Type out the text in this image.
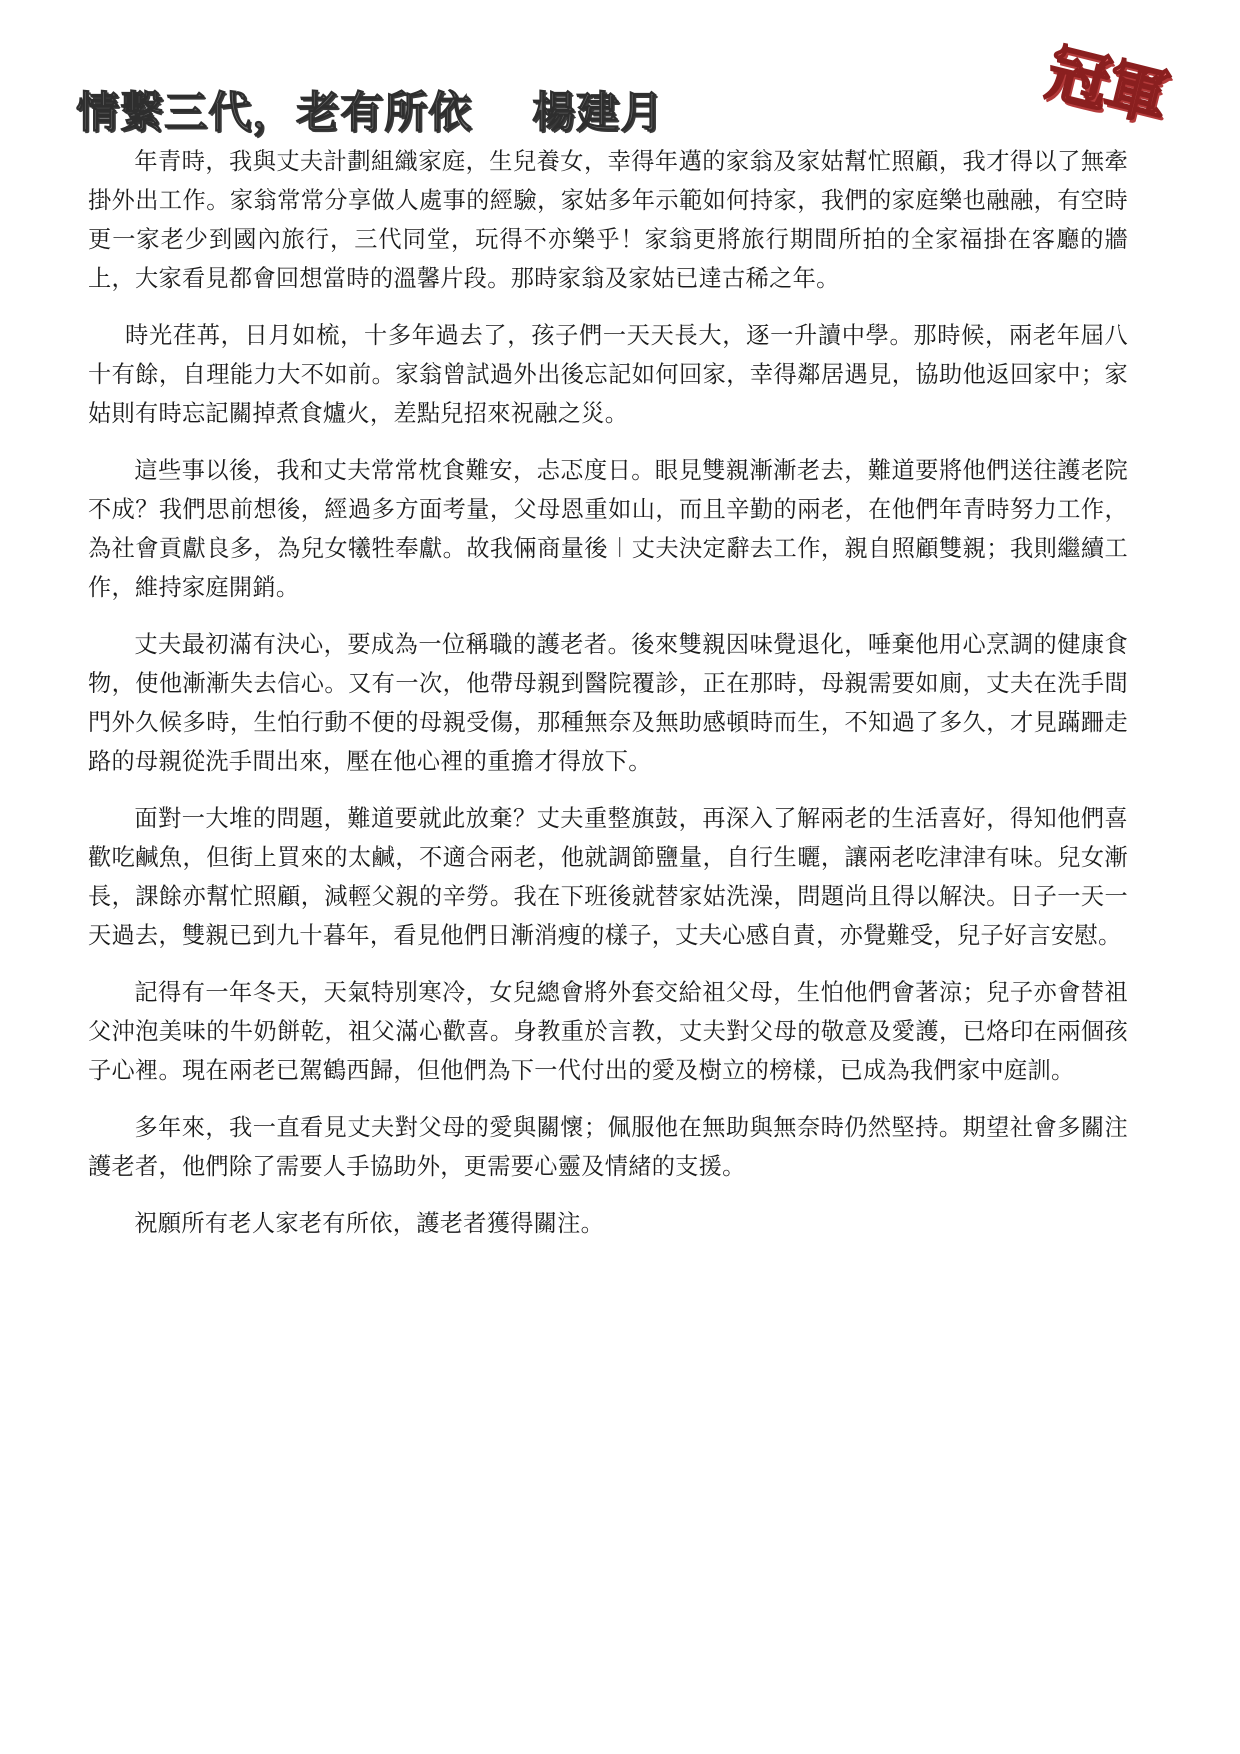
情繫三代，老有所依 楊建月	冠軍

年青時，我與丈夫計劃組織家庭，生兒養女，幸得年邁的家翁及家姑幫忙照顧，我才得以了無牽掛外出工作。家翁常常分享做人處事的經驗，家姑多年示範如何持家，我們的家庭樂也融融，有空時更一家老少到國內旅行，三代同堂，玩得不亦樂乎！家翁更將旅行期間所拍的全家福掛在客廳的牆上，大家看見都會回想當時的溫馨片段。那時家翁及家姑已達古稀之年。

時光荏苒，日月如梳，十多年過去了，孩子們一天天長大，逐一升讀中學。那時候，兩老年屆八十有餘，自理能力大不如前。家翁曾試過外出後忘記如何回家，幸得鄰居遇見，協助他返回家中；家姑則有時忘記關掉煮食爐火，差點兒招來祝融之災。

這些事以後，我和丈夫常常枕食難安，忐忑度日。眼見雙親漸漸老去，難道要將他們送往護老院不成？我們思前想後，經過多方面考量，父母恩重如山，而且辛勤的兩老，在他們年青時努力工作，為社會貢獻良多，為兒女犧牲奉獻。故我倆商量後︱丈夫決定辭去工作，親自照顧雙親；我則繼續工作，維持家庭開銷。

丈夫最初滿有決心，要成為一位稱職的護老者。後來雙親因味覺退化，唾棄他用心烹調的健康食物，使他漸漸失去信心。又有一次，他帶母親到醫院覆診，正在那時，母親需要如廁，丈夫在洗手間門外久候多時，生怕行動不便的母親受傷，那種無奈及無助感頓時而生，不知過了多久，才見蹣跚走路的母親從洗手間出來，壓在他心裡的重擔才得放下。

面對一大堆的問題，難道要就此放棄？丈夫重整旗鼓，再深入了解兩老的生活喜好，得知他們喜歡吃鹹魚，但街上買來的太鹹，不適合兩老，他就調節鹽量，自行生曬，讓兩老吃津津有味。兒女漸長，課餘亦幫忙照顧，減輕父親的辛勞。我在下班後就替家姑洗澡，問題尚且得以解決。日子一天一天過去，雙親已到九十暮年，看見他們日漸消瘦的樣子，丈夫心感自責，亦覺難受，兒子好言安慰。

記得有一年冬天，天氣特別寒冷，女兒總會將外套交給祖父母，生怕他們會著涼；兒子亦會替祖父沖泡美味的牛奶餅乾，祖父滿心歡喜。身教重於言教，丈夫對父母的敬意及愛護，已烙印在兩個孩子心裡。現在兩老已駕鶴西歸，但他們為下一代付出的愛及樹立的榜樣，已成為我們家中庭訓。

多年來，我一直看見丈夫對父母的愛與關懷；佩服他在無助與無奈時仍然堅持。期望社會多關注護老者，他們除了需要人手協助外，更需要心靈及情緒的支援。

祝願所有老人家老有所依，護老者獲得關注。
